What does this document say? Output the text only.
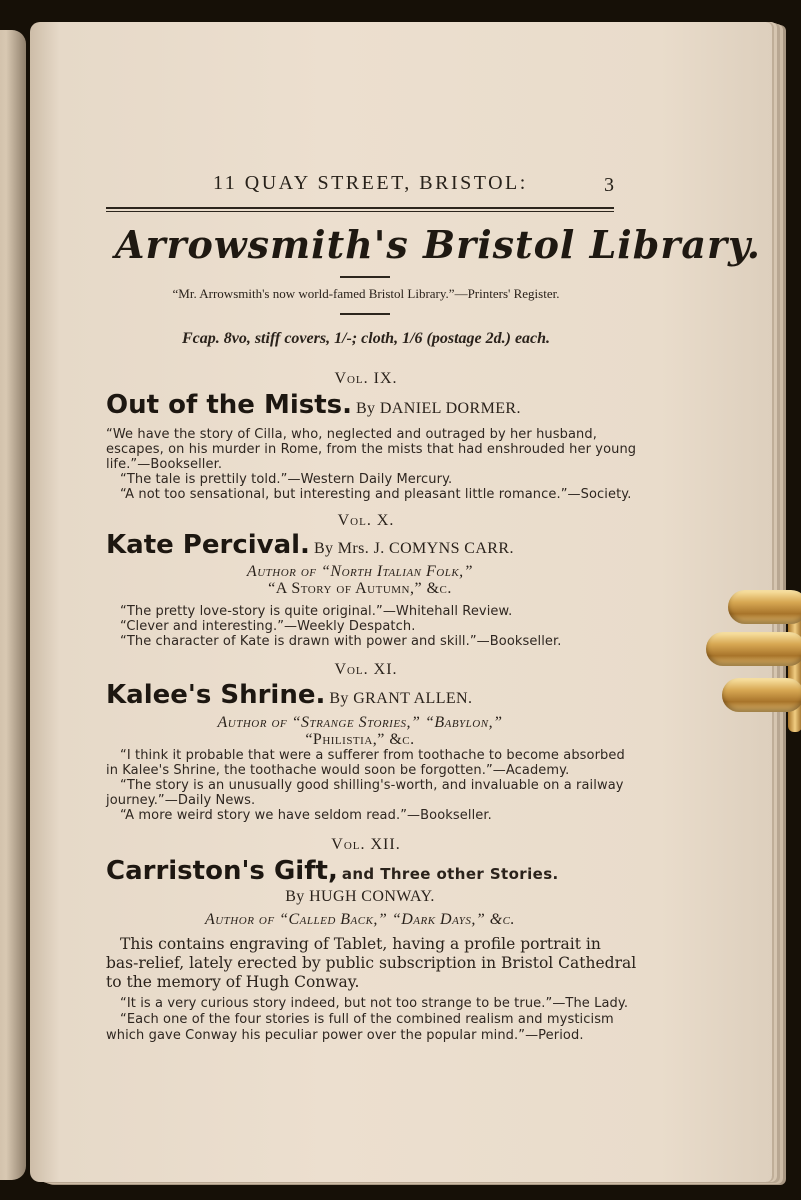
11 QUAY STREET, BRISTOL:	3
Arrowsmith's Bristol Library.
“Mr. Arrowsmith's now world-famed Bristol Library.”—Printers' Register.
Fcap. 8vo, stiff covers, 1/-; cloth, 1/6 (postage 2d.) each.
Vol. IX.
Out of the Mists. By DANIEL DORMER.
“We have the story of Cilla, who, neglected and outraged by her husband,
escapes, on his murder in Rome, from the mists that had enshrouded her young
life.”—Bookseller.
“The tale is prettily told.”—Western Daily Mercury.
“A not too sensational, but interesting and pleasant little romance.”—Society.
Vol. X.
Kate Percival. By Mrs. J. COMYNS CARR.
Author of “North Italian Folk,”
“A Story of Autumn,” &c.
“The pretty love-story is quite original.”—Whitehall Review.
“Clever and interesting.”—Weekly Despatch.
“The character of Kate is drawn with power and skill.”—Bookseller.
Vol. XI.
Kalee's Shrine. By GRANT ALLEN.
Author of “Strange Stories,” “Babylon,”
“Philistia,” &c.
“I think it probable that were a sufferer from toothache to become absorbed
in Kalee's Shrine, the toothache would soon be forgotten.”—Academy.
“The story is an unusually good shilling's-worth, and invaluable on a railway
journey.”—Daily News.
“A more weird story we have seldom read.”—Bookseller.
Vol. XII.
Carriston's Gift, and Three other Stories.
By HUGH CONWAY.
Author of “Called Back,” “Dark Days,” &c.
This contains engraving of Tablet, having a profile portrait in
bas-relief, lately erected by public subscription in Bristol Cathedral
to the memory of Hugh Conway.
“It is a very curious story indeed, but not too strange to be true.”—The Lady.
“Each one of the four stories is full of the combined realism and mysticism
which gave Conway his peculiar power over the popular mind.”—Period.
